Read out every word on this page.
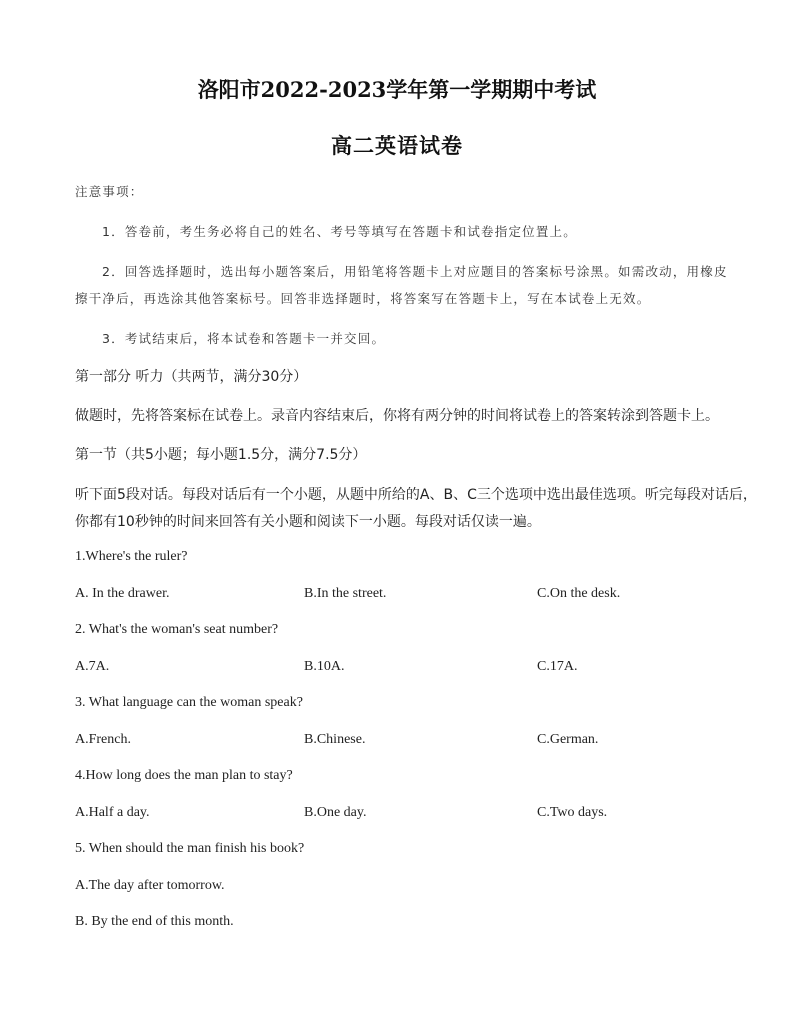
洛阳市2022-2023学年第一学期期中考试
高二英语试卷
注意事项：
1．答卷前，考生务必将自己的姓名、考号等填写在答题卡和试卷指定位置上。
2．回答选择题时，选出每小题答案后，用铅笔将答题卡上对应题目的答案标号涂黑。如需改动，用橡皮
擦干净后，再选涂其他答案标号。回答非选择题时，将答案写在答题卡上，写在本试卷上无效。
3．考试结束后，将本试卷和答题卡一并交回。
第一部分 听力（共两节，满分30分）
做题时，先将答案标在试卷上。录音内容结束后，你将有两分钟的时间将试卷上的答案转涂到答题卡上。
第一节（共5小题；每小题1.5分，满分7.5分）
听下面5段对话。每段对话后有一个小题，从题中所给的A、B、C三个选项中选出最佳选项。听完每段对话后，
你都有10秒钟的时间来回答有关小题和阅读下一小题。每段对话仅读一遍。
1.Where's the ruler?
A. In the drawer.	B.In the street.	C.On the desk.
2. What's the woman's seat number?
A.7A.	B.10A.	C.17A.
3. What language can the woman speak?
A.French.	B.Chinese.	C.German.
4.How long does the man plan to stay?
A.Half a day.	B.One day.	C.Two days.
5. When should the man finish his book?
A.The day after tomorrow.
B. By the end of this month.
